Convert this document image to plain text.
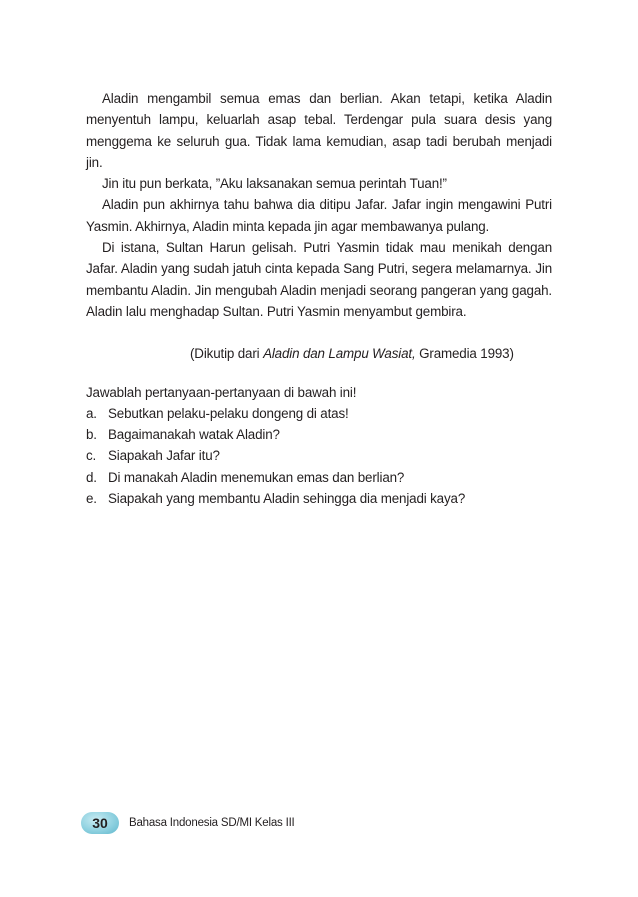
Aladin mengambil semua emas dan berlian. Akan tetapi, ketika Aladin menyentuh lampu, keluarlah asap tebal. Terdengar pula suara desis yang menggema ke seluruh gua. Tidak lama kemudian, asap tadi berubah menjadi jin.

Jin itu pun berkata, ”Aku laksanakan semua perintah Tuan!”

Aladin pun akhirnya tahu bahwa dia ditipu Jafar. Jafar ingin mengawini Putri Yasmin. Akhirnya, Aladin minta kepada jin agar membawanya pulang.

Di istana, Sultan Harun gelisah. Putri Yasmin tidak mau menikah dengan Jafar. Aladin yang sudah jatuh cinta kepada Sang Putri, segera melamarnya. Jin membantu Aladin. Jin mengubah Aladin menjadi seorang pangeran yang gagah. Aladin lalu menghadap Sultan. Putri Yasmin menyambut gembira.

(Dikutip dari Aladin dan Lampu Wasiat, Gramedia 1993)

Jawablah pertanyaan-pertanyaan di bawah ini!

a. Sebutkan pelaku-pelaku dongeng di atas!
b. Bagaimanakah watak Aladin?
c. Siapakah Jafar itu?
d. Di manakah Aladin menemukan emas dan berlian?
e. Siapakah yang membantu Aladin sehingga dia menjadi kaya?
30 Bahasa Indonesia SD/MI Kelas III
